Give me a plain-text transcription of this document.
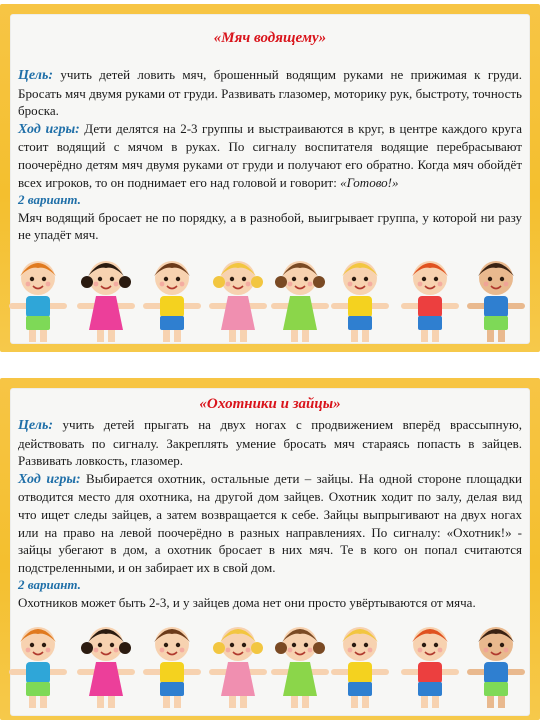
«Мяч водящему»

Цель: учить детей ловить мяч, брошенный водящим руками не прижимая к груди. Бросать мяч двумя руками от груди. Развивать глазомер, моторику рук, быстроту, точность броска.

Ход игры: Дети делятся на 2-3 группы и выстраиваются в круг, в центре каждого круга стоит водящий с мячом в руках. По сигналу воспитателя водящие перебрасывают поочерёдно детям мяч двумя руками от груди и получают его обратно. Когда мяч обойдёт всех игроков, то он поднимает его над головой и говорит: «Готово!»

2 вариант.

Мяч водящий бросает не по порядку, а в разнобой, выигрывает группа, у которой ни разу не упадёт мяч.

«Охотники и зайцы»

Цель: учить детей прыгать на двух ногах с продвижением вперёд врассыпную, действовать по сигналу. Закреплять умение бросать мяч стараясь попасть в зайцев. Развивать ловкость, глазомер.

Ход игры: Выбирается охотник, остальные дети – зайцы. На одной стороне площадки отводится место для охотника, на другой дом зайцев. Охотник ходит по залу, делая вид что ищет следы зайцев, а затем возвращается к себе. Зайцы выпрыгивают на двух ногах или на право на левой поочерёдно в разных направлениях. По сигналу: «Охотник!» - зайцы убегают в дом, а охотник бросает в них мяч. Те в кого он попал считаются подстреленными, и он забирает их в свой дом.

2 вариант.

Охотников может быть 2-3, и у зайцев дома нет они просто увёртываются от мяча.
